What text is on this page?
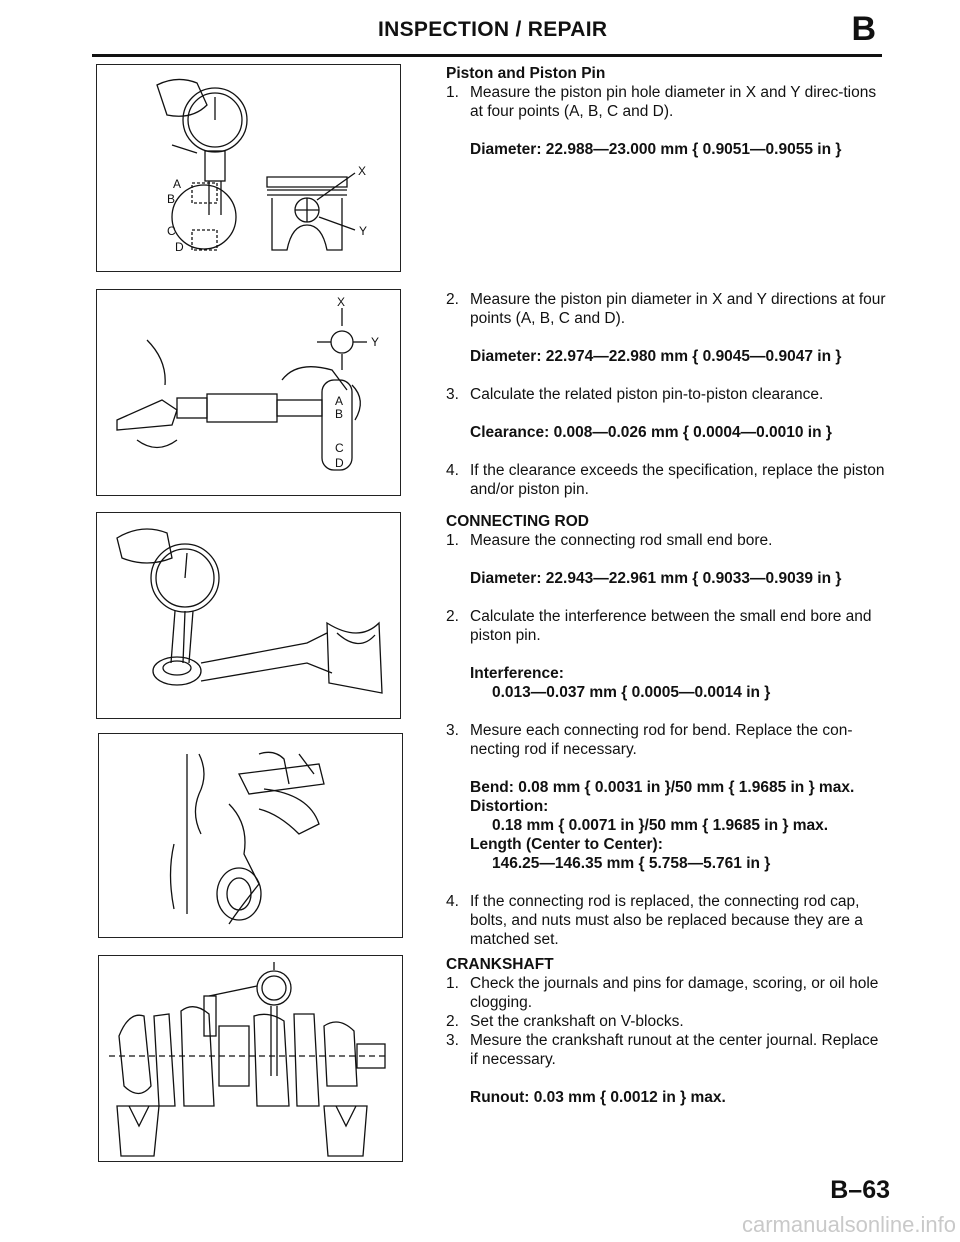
INSPECTION / REPAIR	B
A
B
C
D
X
Y
X
Y
A
B
C
D

Piston and Piston Pin

1. Measure the piston pin hole diameter in X and Y direc-tions at four points (A, B, C and D).

Diameter: 22.988—23.000 mm { 0.9051—0.9055 in }

2. Measure the piston pin diameter in X and Y directions at four points (A, B, C and D).

Diameter: 22.974—22.980 mm { 0.9045—0.9047 in }

3. Calculate the related piston pin-to-piston clearance.

Clearance: 0.008—0.026 mm { 0.0004—0.0010 in }

4. If the clearance exceeds the specification, replace the piston and/or piston pin.

CONNECTING ROD

1. Measure the connecting rod small end bore.

Diameter: 22.943—22.961 mm { 0.9033—0.9039 in }

2. Calculate the interference between the small end bore and piston pin.

Interference:

0.013—0.037 mm { 0.0005—0.0014 in }

3. Mesure each connecting rod for bend. Replace the con-necting rod if necessary.

Bend: 0.08 mm { 0.0031 in }/50 mm { 1.9685 in } max.

Distortion:

0.18 mm { 0.0071 in }/50 mm { 1.9685 in } max.

Length (Center to Center):

146.25—146.35 mm { 5.758—5.761 in }

4. If the connecting rod is replaced, the connecting rod cap, bolts, and nuts must also be replaced because they are a matched set.

CRANKSHAFT

1. Check the journals and pins for damage, scoring, or oil hole clogging.

2. Set the crankshaft on V-blocks.

3. Mesure the crankshaft runout at the center journal. Replace if necessary.

Runout: 0.03 mm { 0.0012 in } max.

B–63
carmanualsonline.info
